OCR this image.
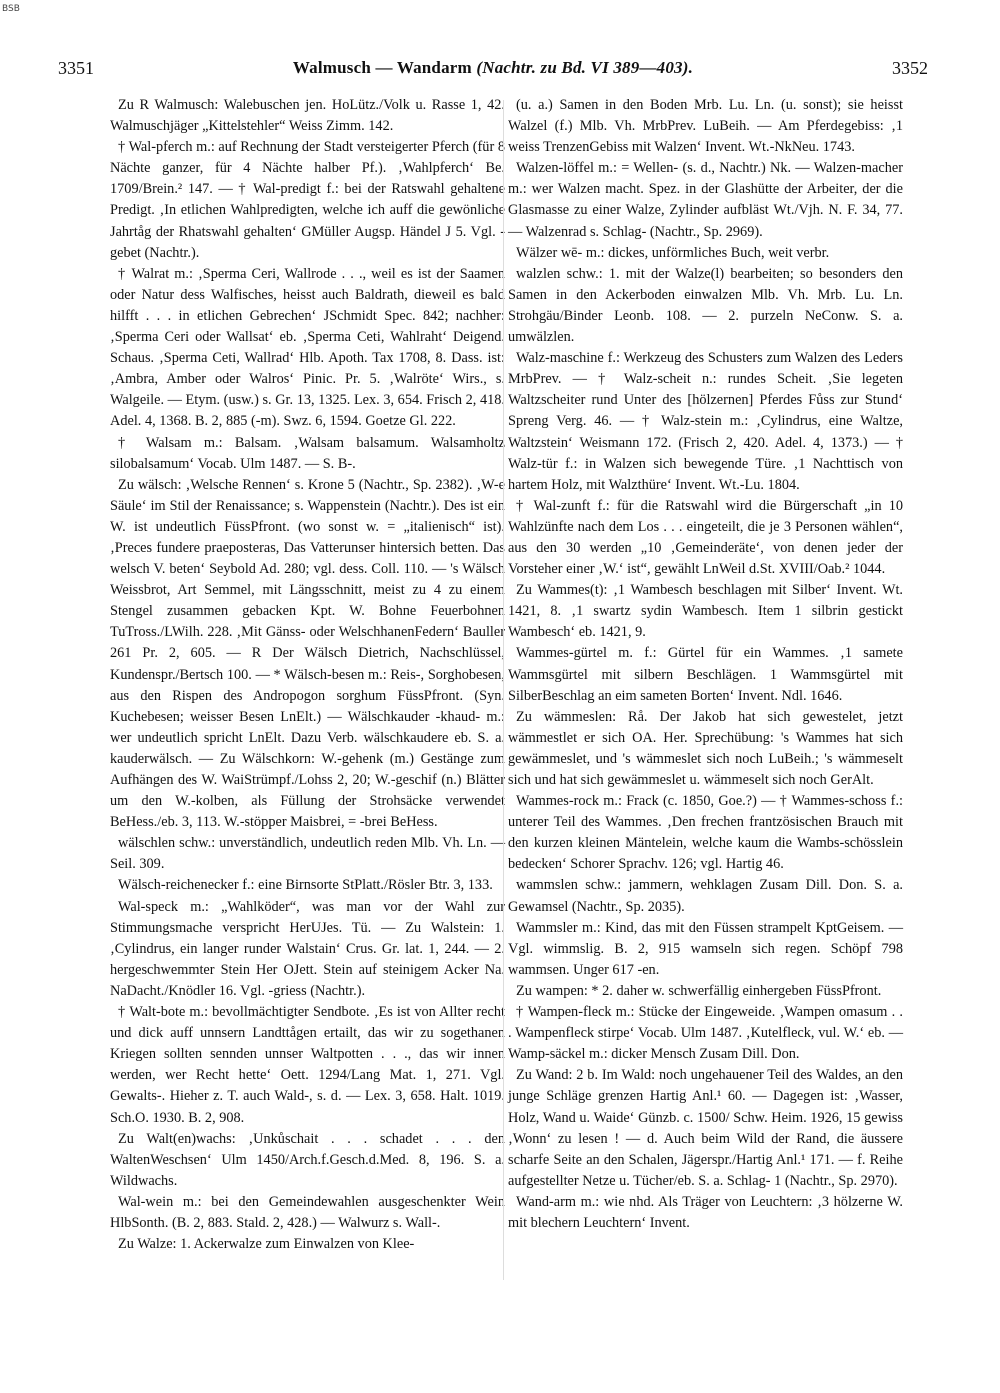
BSB
3351	Walmusch — Wandarm (Nachtr. zu Bd. VI 389—403).	3352

Zu R Walmusch: Walebuschen jen. HoLütz./Volk u. Rasse 1, 42. Walmuschjäger „Kittelstehler“ Weiss Zimm. 142.

† Wal-pferch m.: auf Rechnung der Stadt versteigerter Pferch (für 8 Nächte ganzer, für 4 Nächte halber Pf.). ‚Wahlpferch‘ Be. 1709/Brein.² 147. — † Wal-predigt f.: bei der Ratswahl gehaltene Predigt. ‚In etlichen Wahlpredigten, welche ich auff die gewönliche Jahrtåg der Rhatswahl gehalten‘ GMüller Augsp. Händel J 5. Vgl. -gebet (Nachtr.).

† Walrat m.: ‚Sperma Ceri, Wallrode . . ., weil es ist der Saamen oder Natur dess Walfisches, heisst auch Baldrath, dieweil es bald hilfft . . . in etlichen Gebrechen‘ JSchmidt Spec. 842; nachher: ‚Sperma Ceri oder Wallsat‘ eb. ‚Sperma Ceti, Wahlraht‘ Deigend. Schaus. ‚Sperma Ceti, Wallrad‘ Hlb. Apoth. Tax 1708, 8. Dass. ist: ‚Ambra, Amber oder Walros‘ Pinic. Pr. 5. ‚Walröte‘ Wirs., s. Walgeile. — Etym. (usw.) s. Gr. 13, 1325. Lex. 3, 654. Frisch 2, 418. Adel. 4, 1368. B. 2, 885 (-m). Swz. 6, 1594. Goetze Gl. 222.

† Walsam m.: Balsam. ‚Walsam balsamum. Walsamholtz silobalsamum‘ Vocab. Ulm 1487. — S. B-.

Zu wälsch: ‚Welsche Rennen‘ s. Krone 5 (Nachtr., Sp. 2382). ‚W-e Säule‘ im Stil der Renaissance; s. Wappenstein (Nachtr.). Des ist ein W. ist undeutlich FüssPfront. (wo sonst w. = „italienisch“ ist). ‚Preces fundere praeposteras, Das Vatterunser hintersich betten. Das welsch V. beten‘ Seybold Ad. 280; vgl. dess. Coll. 110. — 's Wälsch Weissbrot, Art Semmel, mit Längsschnitt, meist zu 4 zu einem Stengel zusammen gebacken Kpt. W. Bohne Feuerbohnen TuTross./LWilh. 228. ‚Mit Gänss- oder WelschhanenFedern‘ Bauller 261 Pr. 2, 605. — R Der Wälsch Dietrich, Nachschlüssel, Kundenspr./Bertsch 100. — * Wälsch-besen m.: Reis-, Sorghobesen, aus den Rispen des Andropogon sorghum FüssPfront. (Syn. Kuchebesen; weisser Besen LnElt.) — Wälschkauder -khaud- m.: wer undeutlich spricht LnElt. Dazu Verb. wälschkaudere eb. S. a. kauderwälsch. — Zu Wälschkorn: W.-gehenk (m.) Gestänge zum Aufhängen des W. WaiStrümpf./Lohss 2, 20; W.-geschif (n.) Blätter um den W.-kolben, als Füllung der Strohsäcke verwendet BeHess./eb. 3, 113. W.-stöpper Maisbrei, = -brei BeHess.

wälschlen schw.: unverständlich, undeutlich reden Mlb. Vh. Ln. — Seil. 309.

Wälsch-reichenecker f.: eine Birnsorte StPlatt./Rösler Btr. 3, 133.

Wal-speck m.: „Wahlköder“, was man vor der Wahl zur Stimmungsmache verspricht HerUJes. Tü. — Zu Walstein: 1. ‚Cylindrus, ein langer runder Walstain‘ Crus. Gr. lat. 1, 244. — 2. hergeschwemmter Stein Her OJett. Stein auf steinigem Acker Na. NaDacht./Knödler 16. Vgl. -griess (Nachtr.).

† Walt-bote m.: bevollmächtigter Sendbote. ‚Es ist von Allter recht und dick auff unnsern Landttågen ertailt, das wir zu sogethanen Kriegen sollten sennden unnser Waltpotten . . ., das wir innen werden, wer Recht hette‘ Oett. 1294/Lang Mat. 1, 271. Vgl. Gewalts-. Hieher z. T. auch Wald-, s. d. — Lex. 3, 658. Halt. 1019. Sch.O. 1930. B. 2, 908.

Zu Walt(en)wachs: ‚Unkůschait . . . schadet . . . den WaltenWeschsen‘ Ulm 1450/Arch.f.Gesch.d.Med. 8, 196. S. a. Wildwachs.

Wal-wein m.: bei den Gemeindewahlen ausgeschenkter Wein HlbSonth. (B. 2, 883. Stald. 2, 428.) — Walwurz s. Wall-.

Zu Walze: 1. Ackerwalze zum Einwalzen von Klee-

(u. a.) Samen in den Boden Mrb. Lu. Ln. (u. sonst); sie heisst Walzel (f.) Mlb. Vh. MrbPrev. LuBeih. — Am Pferdegebiss: ‚1 weiss TrenzenGebiss mit Walzen‘ Invent. Wt.-NkNeu. 1743.

Walzen-löffel m.: = Wellen- (s. d., Nachtr.) Nk. — Walzen-macher m.: wer Walzen macht. Spez. in der Glashütte der Arbeiter, der die Glasmasse zu einer Walze, Zylinder aufbläst Wt./Vjh. N. F. 34, 77. — Walzenrad s. Schlag- (Nachtr., Sp. 2969).

Wälzer wē- m.: dickes, unförmliches Buch, weit verbr.

walzlen schw.: 1. mit der Walze(l) bearbeiten; so besonders den Samen in den Ackerboden einwalzen Mlb. Vh. Mrb. Lu. Ln. Strohgäu/Binder Leonb. 108. — 2. purzeln NeConw. S. a. umwälzlen.

Walz-maschine f.: Werkzeug des Schusters zum Walzen des Leders MrbPrev. — † Walz-scheit n.: rundes Scheit. ‚Sie legeten Waltzscheiter rund Unter des [hölzernen] Pferdes Fůss zur Stund‘ Spreng Verg. 46. — † Walz-stein m.: ‚Cylindrus, eine Waltze, Waltzstein‘ Weismann 172. (Frisch 2, 420. Adel. 4, 1373.) — † Walz-tür f.: in Walzen sich bewegende Türe. ‚1 Nachttisch von hartem Holz, mit Walzthüre‘ Invent. Wt.-Lu. 1804.

† Wal-zunft f.: für die Ratswahl wird die Bürgerschaft „in 10 Wahlzünfte nach dem Los . . . eingeteilt, die je 3 Personen wählen“, aus den 30 werden „10 ‚Gemeinderäte‘, von denen jeder der Vorsteher einer ‚W.‘ ist“, gewählt LnWeil d.St. XVIII/Oab.² 1044.

Zu Wammes(t): ‚1 Wambesch beschlagen mit Silber‘ Invent. Wt. 1421, 8. ‚1 swartz sydin Wambesch. Item 1 silbrin gestickt Wambesch‘ eb. 1421, 9.

Wammes-gürtel m. f.: Gürtel für ein Wammes. ‚1 samete Wammsgürtel mit silbern Beschlägen. 1 Wammsgürtel mit SilberBeschlag an eim sameten Borten‘ Invent. Ndl. 1646.

Zu wämmeslen: Rå. Der Jakob hat sich gewestelet, jetzt wämmestlet er sich OA. Her. Sprechübung: 's Wammes hat sich gewämmeslet, und 's wämmeslet sich noch LuBeih.; 's wämmeselt sich und hat sich gewämmeslet u. wämmeselt sich noch GerAlt.

Wammes-rock m.: Frack (c. 1850, Goe.?) — † Wammes-schoss f.: unterer Teil des Wammes. ‚Den frechen frantzösischen Brauch mit den kurzen kleinen Mäntelein, welche kaum die Wambs-schösslein bedecken‘ Schorer Sprachv. 126; vgl. Hartig 46.

wammslen schw.: jammern, wehklagen Zusam Dill. Don. S. a. Gewamsel (Nachtr., Sp. 2035).

Wammsler m.: Kind, das mit den Füssen strampelt KptGeisem. — Vgl. wimmslig. B. 2, 915 wamseln sich regen. Schöpf 798 wammsen. Unger 617 -en.

Zu wampen: * 2. daher w. schwerfällig einhergeben FüssPfront.

† Wampen-fleck m.: Stücke der Eingeweide. ‚Wampen omasum . . . Wampenfleck stirpe‘ Vocab. Ulm 1487. ‚Kutelfleck, vul. W.‘ eb. — Wamp-säckel m.: dicker Mensch Zusam Dill. Don.

Zu Wand: 2 b. Im Wald: noch ungehauener Teil des Waldes, an den junge Schläge grenzen Hartig Anl.¹ 60. — Dagegen ist: ‚Wasser, Holz, Wand u. Waide‘ Günzb. c. 1500/ Schw. Heim. 1926, 15 gewiss ‚Wonn‘ zu lesen ! — d. Auch beim Wild der Rand, die äussere scharfe Seite an den Schalen, Jägerspr./Hartig Anl.¹ 171. — f. Reihe aufgestellter Netze u. Tücher/eb. S. a. Schlag- 1 (Nachtr., Sp. 2970).

Wand-arm m.: wie nhd. Als Träger von Leuchtern: ‚3 hölzerne W. mit blechern Leuchtern‘ Invent.
